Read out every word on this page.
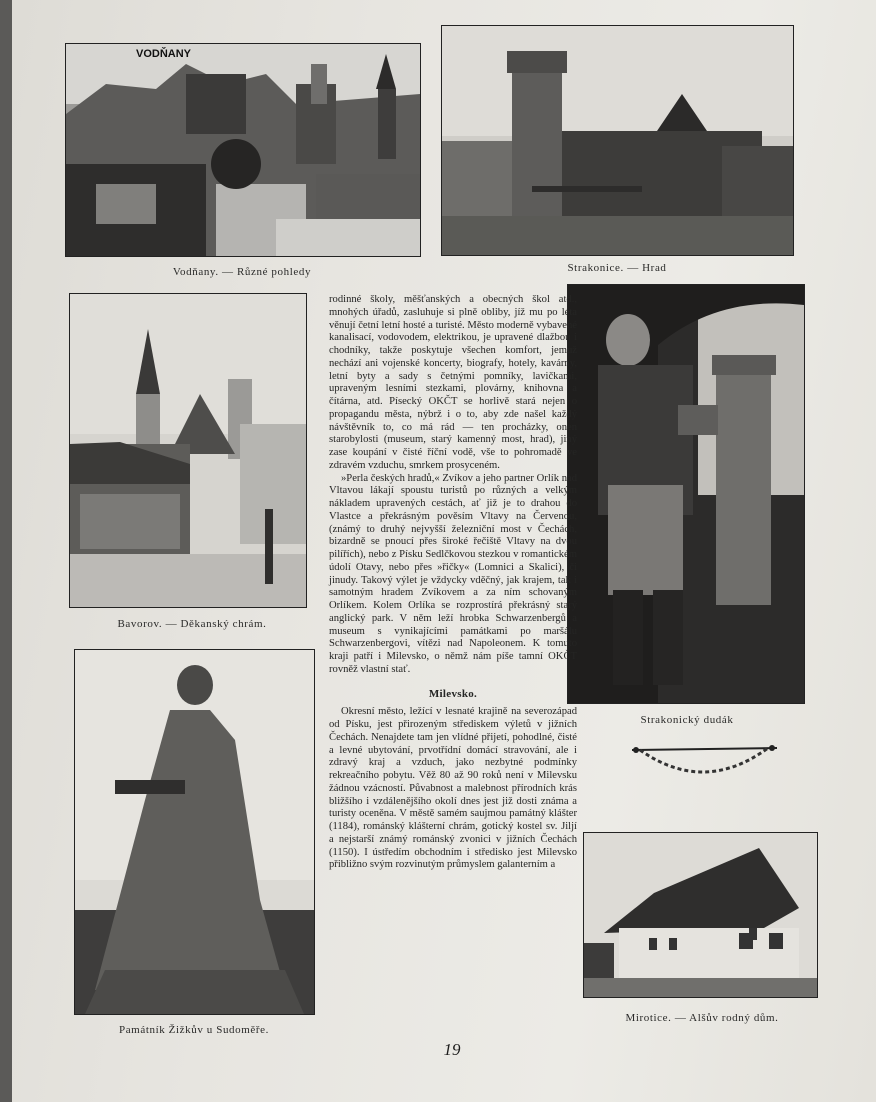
VODŇANY
Vodňany. — Různé pohledy	Strakonice. — Hrad
Bavorov. — Děkanský chrám.
Strakonický dudák
Památník Žižkův u Sudoměře.
Mirotice. — Alšův rodný dům.

rodinné školy, měšťanských a obecných škol atd., mnohých úřadů, zasluhuje si plně obliby, jíž mu po léta věnují četní letní hosté a turisté. Město moderně vybavené kanalisací, vodovodem, elektrikou, je upravené dlažbou i chodníky, takže poskytuje všechen komfort, jemuž nechází ani vojenské koncerty, biografy, hotely, kavárny, letní byty a sady s četnými pomníky, lavičkami, upraveným lesními stezkami, plovárny, knihovna a čítárna, atd. Písecký OKČT se horlivě stará nejen o propagandu města, nýbrž i o to, aby zde našel každý návštěvník to, co má rád — ten procházky, onen starobylosti (museum, starý kamenný most, hrad), jiný zase koupání v čisté říční vodě, vše to pohromadě ve zdravém vzduchu, smrkem prosyceném.

»Perla českých hradů,« Zvíkov a jeho partner Orlík nad Vltavou lákají spoustu turistů po různých a velkým nákladem upravených cestách, ať již je to drahou do Vlastce a překrásným pověsím Vltavy na Červenou, (známý to druhý nejvyšší železniční most v Čechách, bizardně se pnoucí přes široké řečiště Vltavy na dvou pilířích), nebo z Písku Sedlčkovou stezkou v romantickém údolí Otavy, nebo přes »řičky« (Lomnici a Skalici), či jinudy. Takový výlet je vždycky vděčný, jak krajem, tak i samotným hradem Zvíkovem a za ním schovaným Orlíkem. Kolem Orlíka se rozprostírá překrásný starý anglický park. V něm leží hrobka Schwarzenbergů a museum s vynikajícími památkami po maršálu Schwarzenbergovi, vítězi nad Napoleonem. K tomuto kraji patří i Milevsko, o němž nám píše tamní OKČT rovněž vlastní stať.

Milevsko.

Okresní město, ležící v lesnaté krajině na severozápad od Písku, jest přirozeným střediskem výletů v jižních Čechách. Nenajdete tam jen vlídné přijetí, pohodlné, čisté a levné ubytování, prvotřídní domácí stravování, ale i zdravý kraj a vzduch, jako nezbytné podmínky rekreačního pobytu. Věž 80 až 90 roků není v Milevsku žádnou vzácností. Půvabnost a malebnost přírodních krás bližšího i vzdálenějšího okolí dnes jest již dosti známa a turisty oceněna. V městě samém saujmou památný klášter (1184), románský klášterní chrám, gotický kostel sv. Jiljí a nejstarší známý románský zvonici v jižních Čechách (1150). I ústředím obchodním i středisko jest Milevsko přibližno svým rozvinutým průmyslem galanterním a

19
